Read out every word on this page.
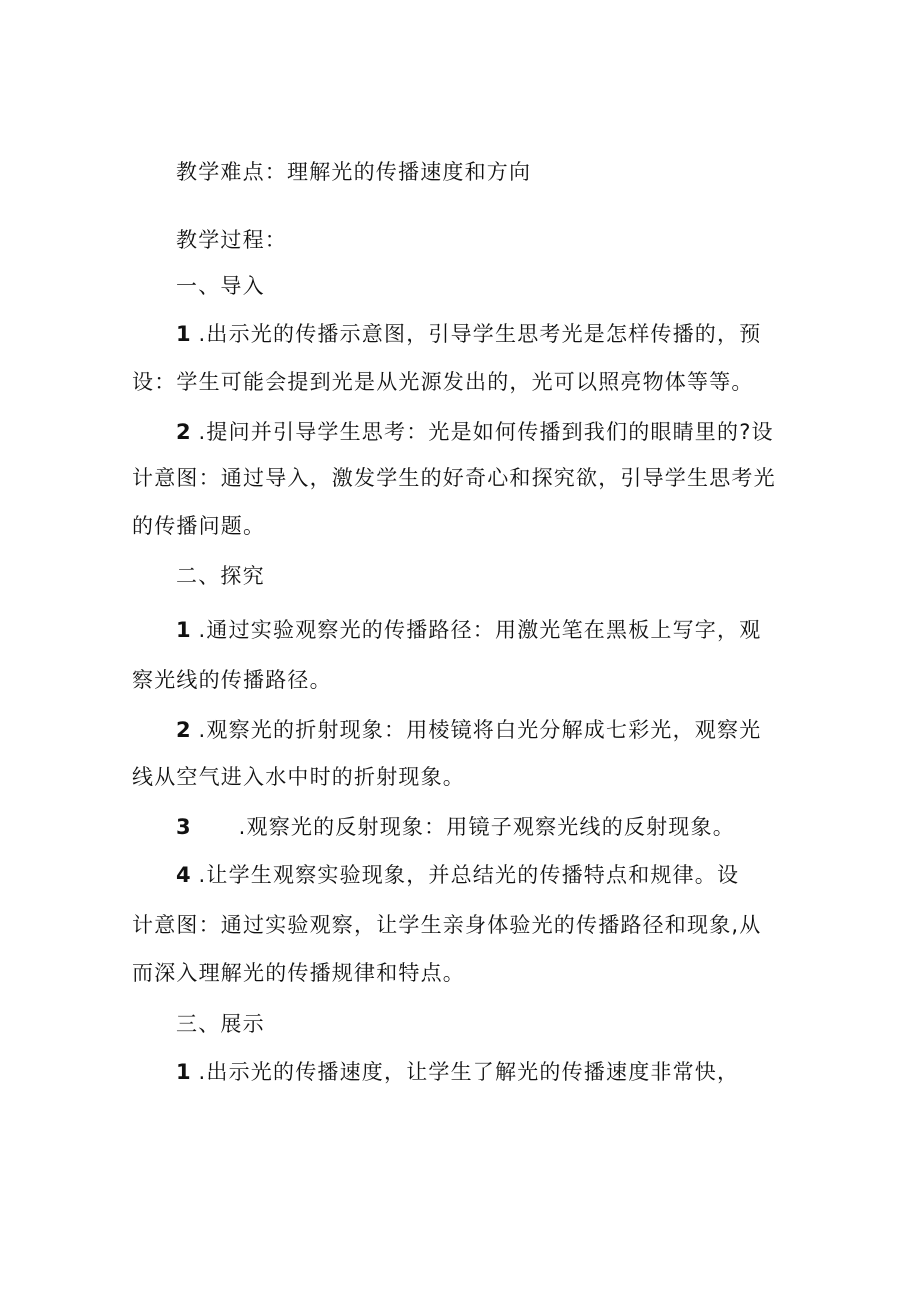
教学难点：理解光的传播速度和方向
教学过程：
一、导入
1 .出示光的传播示意图，引导学生思考光是怎样传播的，预
设：学生可能会提到光是从光源发出的，光可以照亮物体等等。
2 .提问并引导学生思考：光是如何传播到我们的眼睛里的?设
计意图：通过导入，激发学生的好奇心和探究欲，引导学生思考光
的传播问题。
二、探究
1 .通过实验观察光的传播路径：用激光笔在黑板上写字，观
察光线的传播路径。
2 .观察光的折射现象：用棱镜将白光分解成七彩光，观察光
线从空气进入水中时的折射现象。
3 .观察光的反射现象：用镜子观察光线的反射现象。
4 .让学生观察实验现象，并总结光的传播特点和规律。设
计意图：通过实验观察，让学生亲身体验光的传播路径和现象,从
而深入理解光的传播规律和特点。
三、展示
1 .出示光的传播速度，让学生了解光的传播速度非常快，
